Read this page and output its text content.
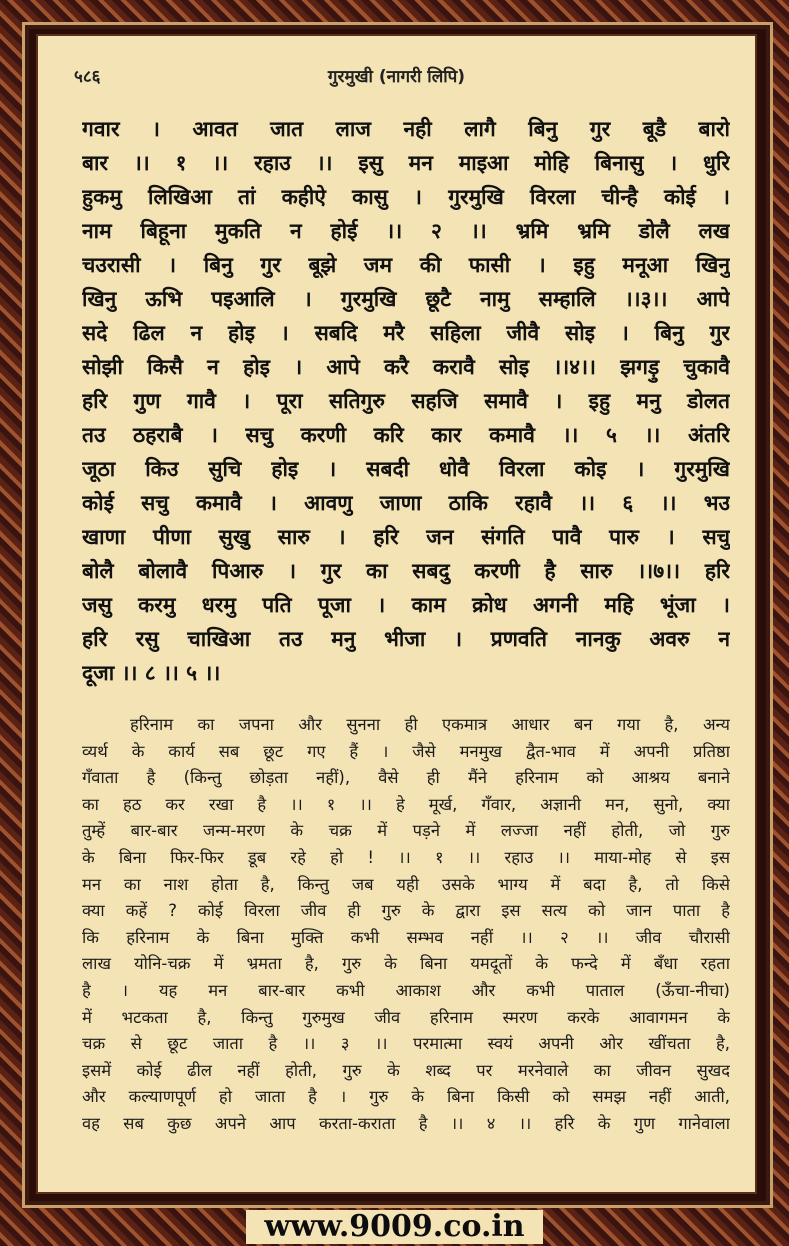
गुरमुखी (नागरी लिपि)
५८६
गवार । आवत जात लाज नही लागै बिनु गुर बूडै बारो
बार ।। १ ।। रहाउ ।। इसु मन माइआ मोहि बिनासु । धुरि
हुकमु लिखिआ तां कहीऐ कासु । गुरमुखि विरला चीन्है कोई ।
नाम बिहूना मुकति न होई ।। २ ।। भ्रमि भ्रमि डोलै लख
चउरासी । बिनु गुर बूझे जम की फासी । इहु मनूआ खिनु
खिनु ऊभि पइआलि । गुरमुखि छूटै नामु सम्हालि ।।३।। आपे
सदे ढिल न होइ । सबदि मरै सहिला जीवै सोइ । बिनु गुर
सोझी किसै न होइ । आपे करै करावै सोइ ।।४।। झगड़ु चुकावै
हरि गुण गावै । पूरा सतिगुरु सहजि समावै । इहु मनु डोलत
तउ ठहराबै । सचु करणी करि कार कमावै ।। ५ ।। अंतरि
जूठा किउ सुचि होइ । सबदी धोवै विरला कोइ । गुरमुखि
कोई सचु कमावै । आवणु जाणा ठाकि रहावै ।। ६ ।। भउ
खाणा पीणा सुखु सारु । हरि जन संगति पावै पारु । सचु
बोलै बोलावै पिआरु । गुर का सबदु करणी है सारु ।।७।। हरि
जसु करमु धरमु पति पूजा । काम क्रोध अगनी महि भूंजा ।
हरि रसु चाखिआ तउ मनु भीजा । प्रणवति नानकु अवरु न
दूजा ।। ८ ।। ५ ।।
हरिनाम का जपना और सुनना ही एकमात्र आधार बन गया है, अन्य
व्यर्थ के कार्य सब छूट गए हैं । जैसे मनमुख द्वैत-भाव में अपनी प्रतिष्ठा
गँवाता है (किन्तु छोड़ता नहीं), वैसे ही मैंने हरिनाम को आश्रय बनाने
का हठ कर रखा है ।। १ ।। हे मूर्ख, गँवार, अज्ञानी मन, सुनो, क्या
तुम्हें बार-बार जन्म-मरण के चक्र में पड़ने में लज्जा नहीं होती, जो गुरु
के बिना फिर-फिर डूब रहे हो ! ।। १ ।। रहाउ ।। माया-मोह से इस
मन का नाश होता है, किन्तु जब यही उसके भाग्य में बदा है, तो किसे
क्या कहें ? कोई विरला जीव ही गुरु के द्वारा इस सत्य को जान पाता है
कि हरिनाम के बिना मुक्ति कभी सम्भव नहीं ।। २ ।। जीव चौरासी
लाख योनि-चक्र में भ्रमता है, गुरु के बिना यमदूतों के फन्दे में बँधा रहता
है । यह मन बार-बार कभी आकाश और कभी पाताल (ऊँचा-नीचा)
में भटकता है, किन्तु गुरुमुख जीव हरिनाम स्मरण करके आवागमन के
चक्र से छूट जाता है ।। ३ ।। परमात्मा स्वयं अपनी ओर खींचता है,
इसमें कोई ढील नहीं होती, गुरु के शब्द पर मरनेवाले का जीवन सुखद
और कल्याणपूर्ण हो जाता है । गुरु के बिना किसी को समझ नहीं आती,
वह सब कुछ अपने आप करता-कराता है ।। ४ ।। हरि के गुण गानेवाला
www.9009.co.in
